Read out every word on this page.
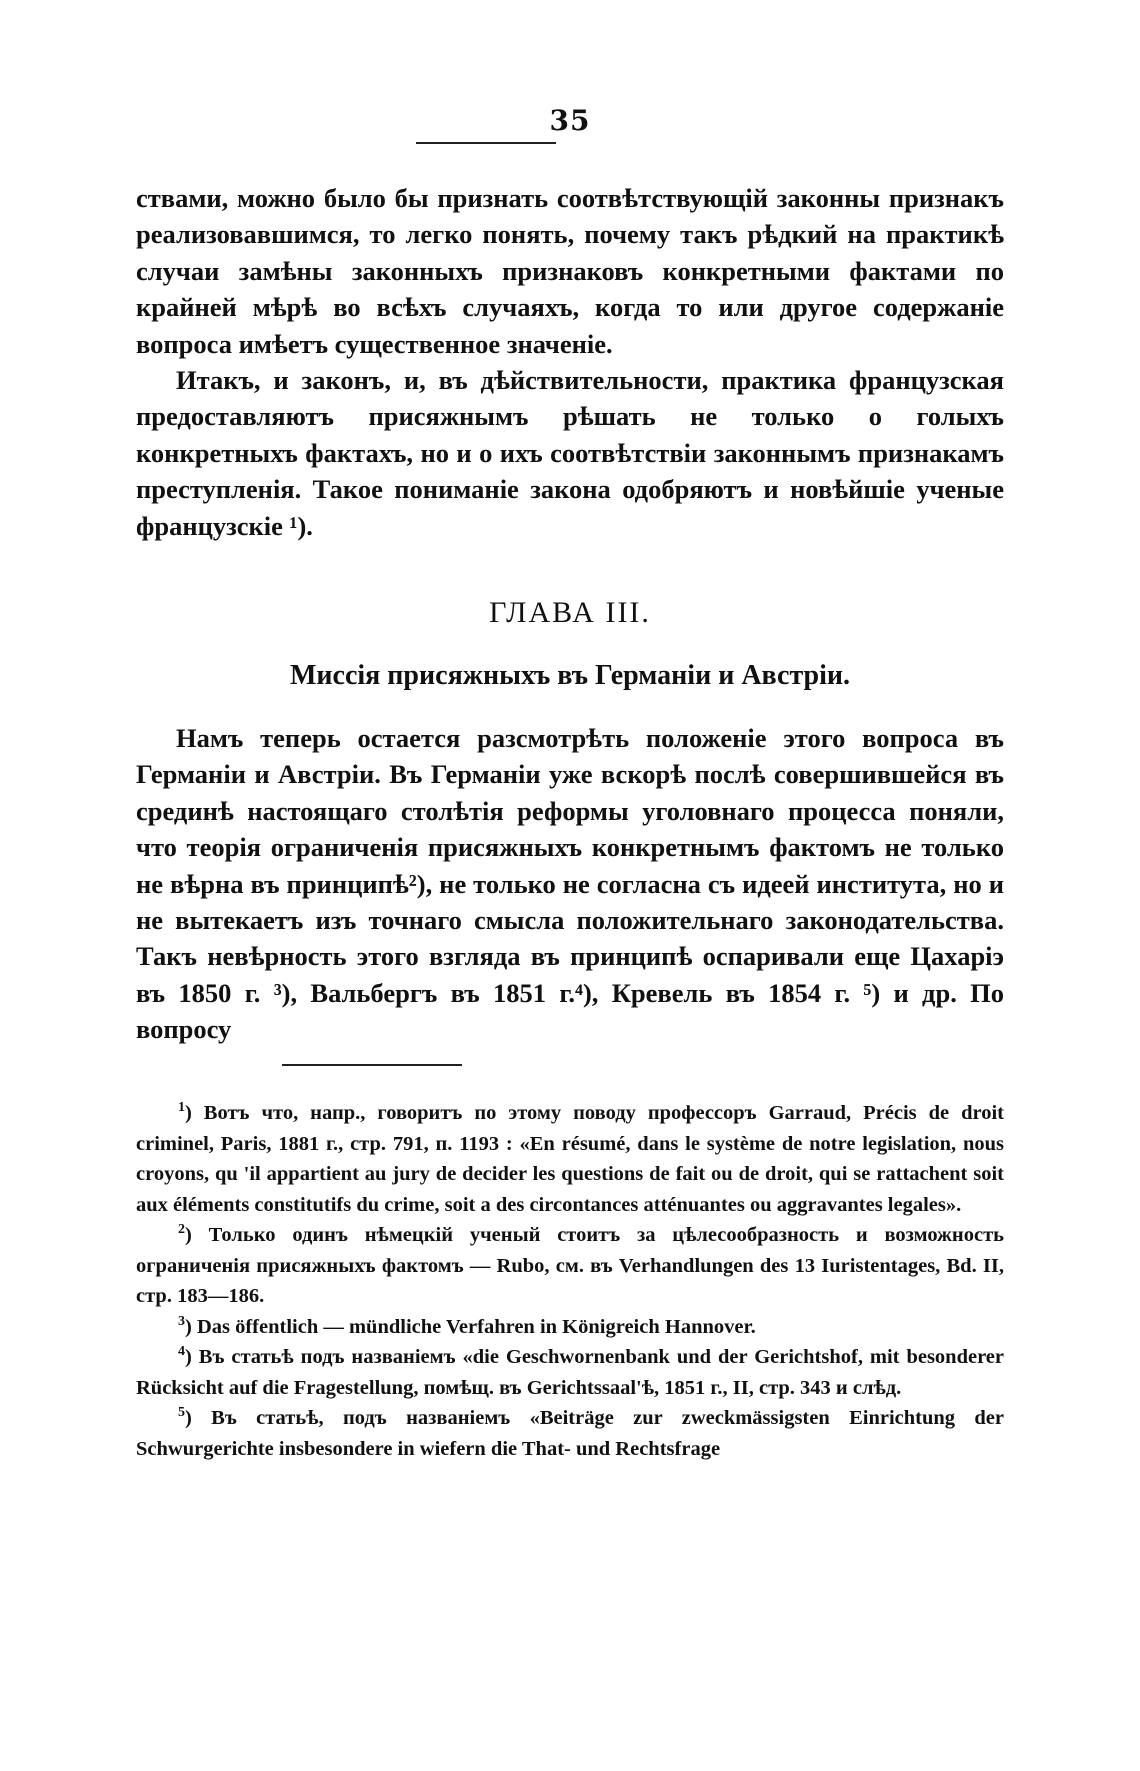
35

ствами, можно было бы признать соотвѣтствующій законны признакъ реализовавшимся, то легко понять, почему такъ рѣдкий на практикѣ случаи замѣны законныхъ признаковъ конкретными фактами по крайней мѣрѣ во всѣхъ случаяхъ, когда то или другое содержаніе вопроса имѣетъ существенное значеніе.

Итакъ, и законъ, и, въ дѣйствительности, практика французская предоставляютъ присяжнымъ рѣшать не только о голыхъ конкретныхъ фактахъ, но и о ихъ соотвѣтствіи законнымъ признакамъ преступленія. Такое пониманіе закона одобряютъ и новѣйшіе ученые французскіе ¹).

ГЛАВА III.
Миссія присяжныхъ въ Германіи и Австріи.

Намъ теперь остается разсмотрѣть положеніе этого вопроса въ Германіи и Австріи. Въ Германіи уже вскорѣ послѣ совершившейся въ срединѣ настоящаго столѣтія реформы уголовнаго процесса поняли, что теорія ограниченія присяжныхъ конкретнымъ фактомъ не только не вѣрна въ принципѣ²), не только не согласна съ идеей института, но и не вытекаетъ изъ точнаго смысла положительнаго законодательства. Такъ невѣрность этого взгляда въ принципѣ оспаривали еще Цахаріэ въ 1850 г. ³), Вальбергъ въ 1851 г.⁴), Кревель въ 1854 г. ⁵) и др. По вопросу

$^1$) Вотъ что, напр., говоритъ по этому поводу профессоръ Garraud, Précis de droit criminel, Paris, 1881 г., стр. 791, п. 1193 : «En résumé, dans le système de notre legislation, nous croyons, qu 'il appartient au jury de decider les questions de fait ou de droit, qui se rattachent soit aux éléments constitutifs du crime, soit a des circontances atténuantes ou aggravantes legales».

$^2$) Только одинъ нѣмецкій ученый стоитъ за цѣлесообразность и возможность ограниченія присяжныхъ фактомъ — Rubo, см. въ Verhandlungen des 13 Iuristentages, Bd. II, стр. 183—186.

$^3$) Das öffentlich — mündliche Verfahren in Königreich Hannover.

$^4$) Въ статьѣ подъ названіемъ «die Geschwornenbank und der Gerichtshof, mit besonderer Rücksicht auf die Fragestellung, помѣщ. въ Gerichtssaal'ѣ, 1851 г., II, стр. 343 и слѣд.

$^5$) Въ статьѣ, подъ названіемъ «Beiträge zur zweckmässigsten Einrichtung der Schwurgerichte insbesondere in wiefern die That- und Rechtsfrage
